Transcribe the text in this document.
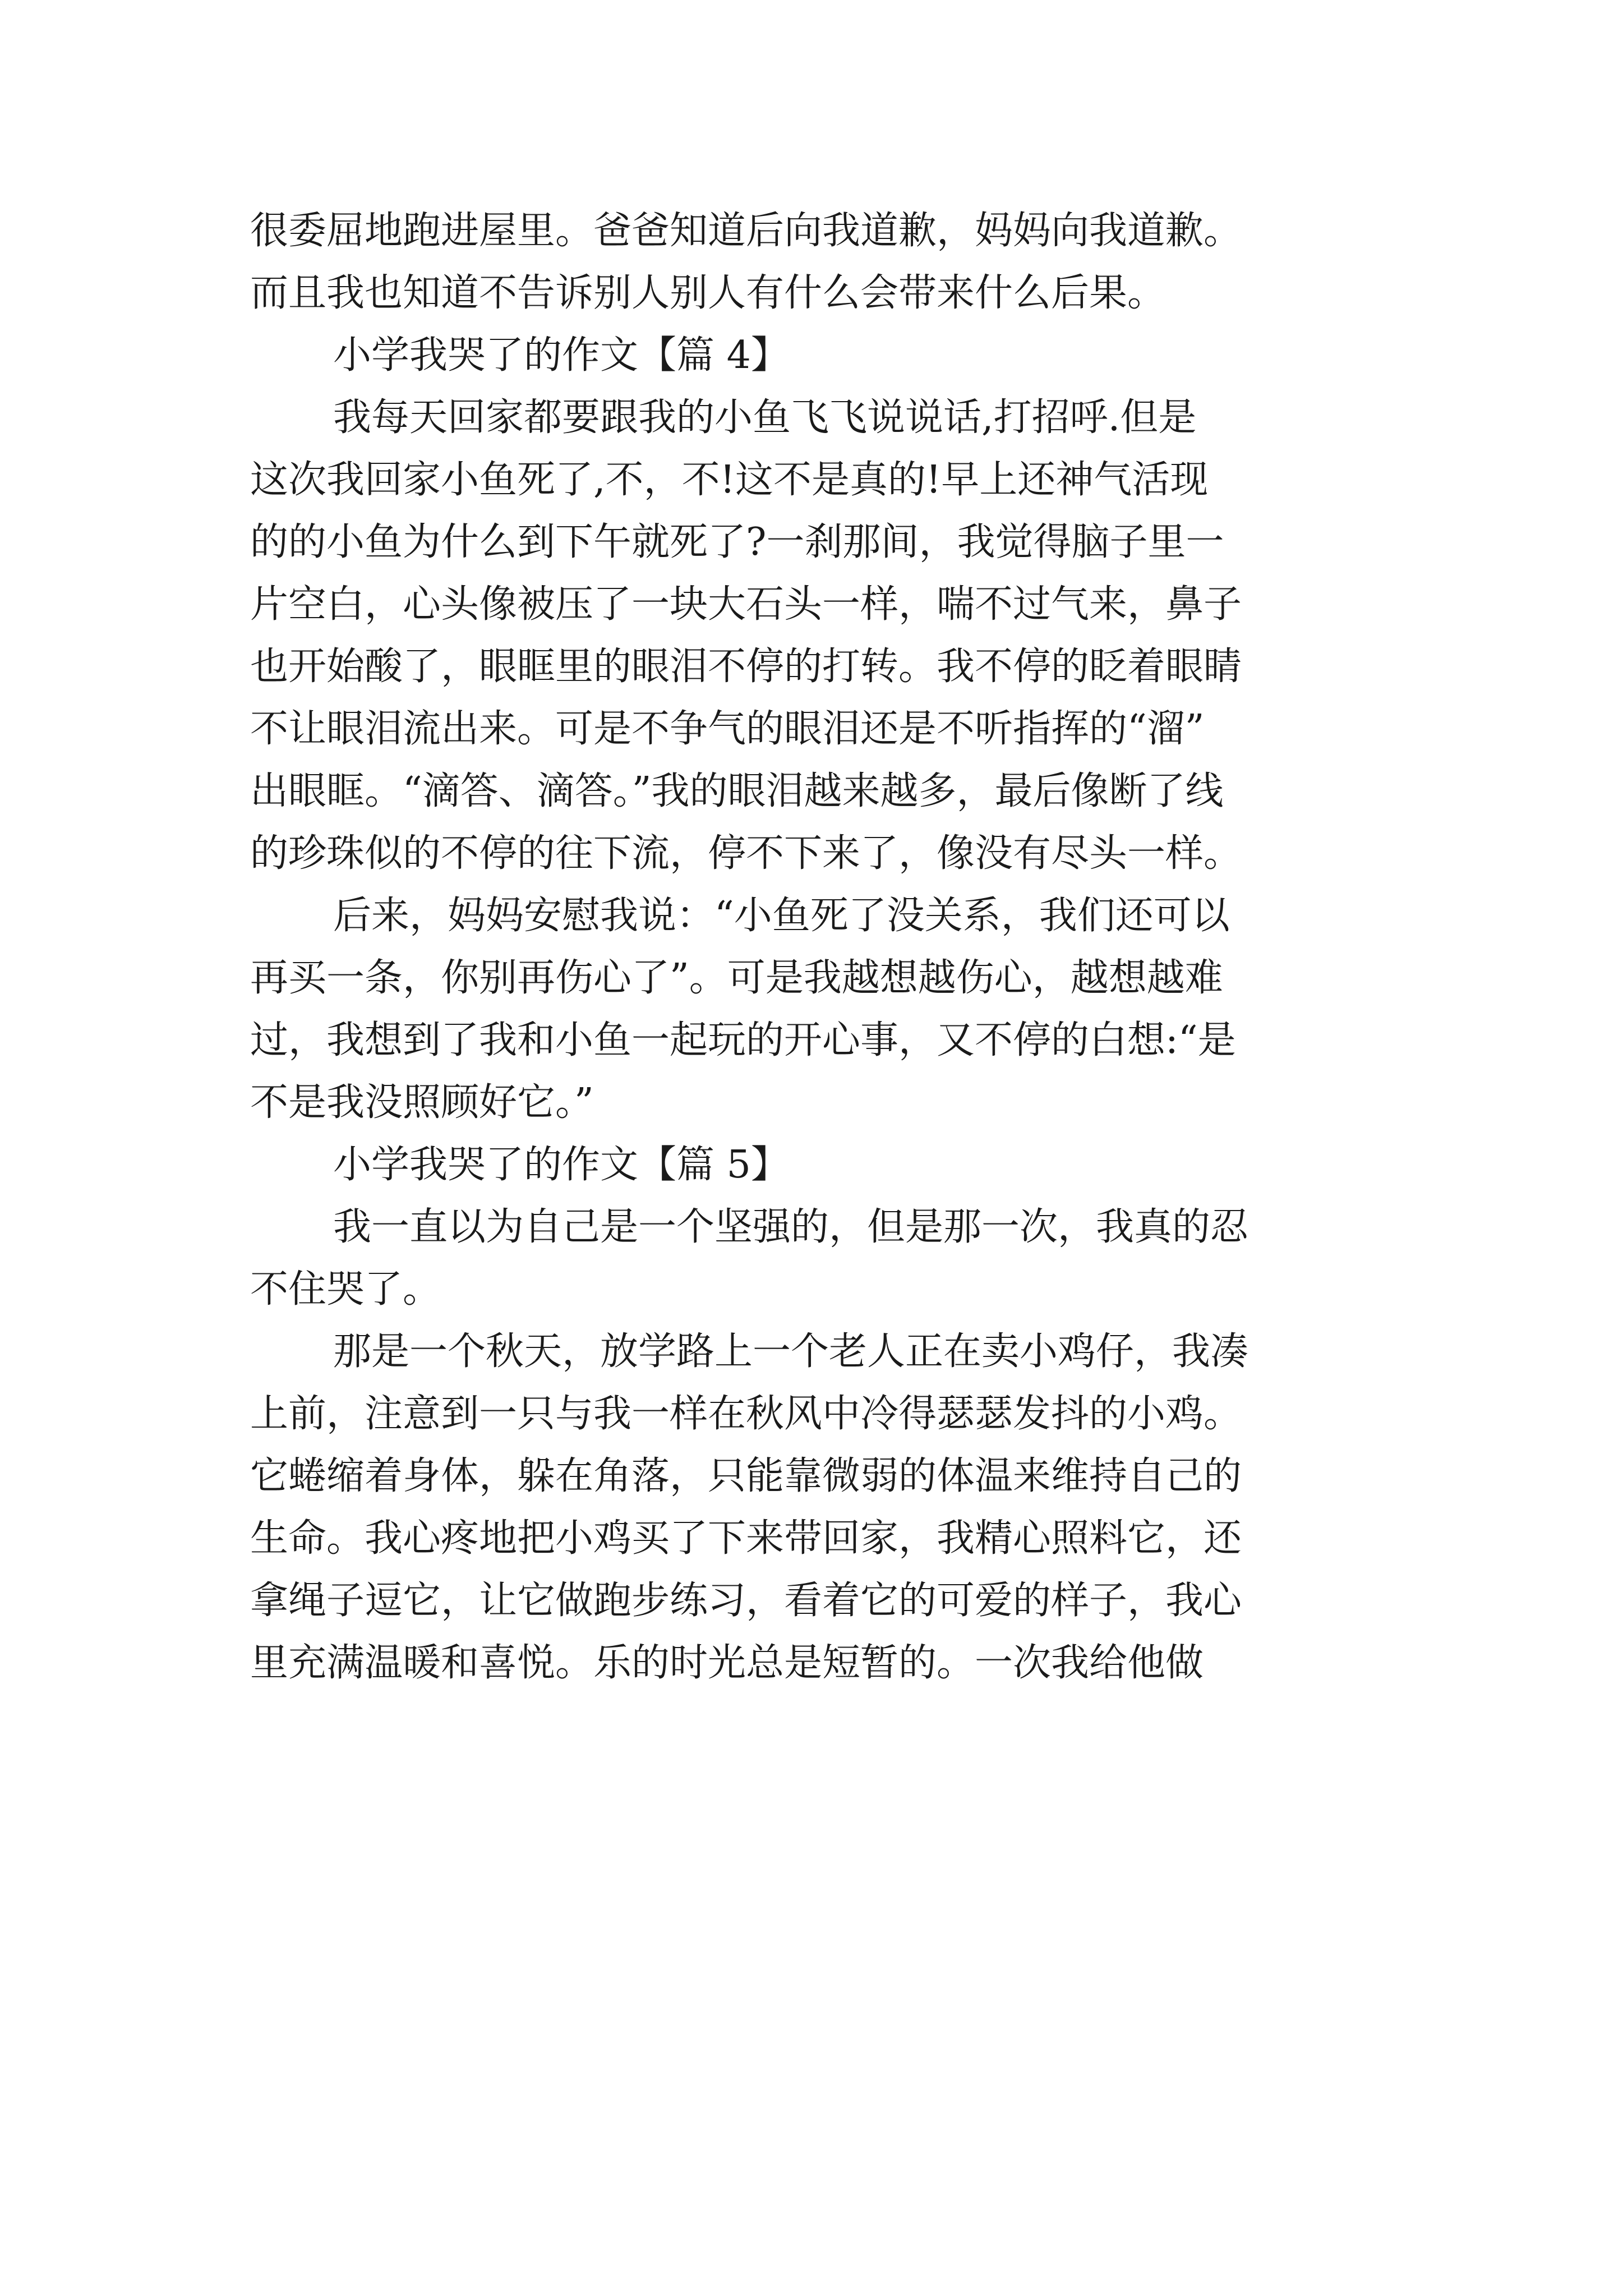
很委屈地跑进屋里。爸爸知道后向我道歉，妈妈向我道歉。
而且我也知道不告诉别人别人有什么会带来什么后果。
小学我哭了的作文【篇 4】
我每天回家都要跟我的小鱼飞飞说说话,打招呼.但是
这次我回家小鱼死了,不，不!这不是真的!早上还神气活现
的的小鱼为什么到下午就死了?一刹那间，我觉得脑子里一
片空白，心头像被压了一块大石头一样，喘不过气来，鼻子
也开始酸了，眼眶里的眼泪不停的打转。我不停的眨着眼睛
不让眼泪流出来。可是不争气的眼泪还是不听指挥的“溜”
出眼眶。“滴答、滴答。”我的眼泪越来越多，最后像断了线
的珍珠似的不停的往下流，停不下来了，像没有尽头一样。
后来，妈妈安慰我说：“小鱼死了没关系，我们还可以
再买一条，你别再伤心了”。可是我越想越伤心，越想越难
过，我想到了我和小鱼一起玩的开心事，又不停的白想:“是
不是我没照顾好它。”
小学我哭了的作文【篇 5】
我一直以为自己是一个坚强的，但是那一次，我真的忍
不住哭了。
那是一个秋天，放学路上一个老人正在卖小鸡仔，我凑
上前，注意到一只与我一样在秋风中冷得瑟瑟发抖的小鸡。
它蜷缩着身体，躲在角落，只能靠微弱的体温来维持自己的
生命。我心疼地把小鸡买了下来带回家，我精心照料它，还
拿绳子逗它，让它做跑步练习，看着它的可爱的样子，我心
里充满温暖和喜悦。乐的时光总是短暂的。一次我给他做
